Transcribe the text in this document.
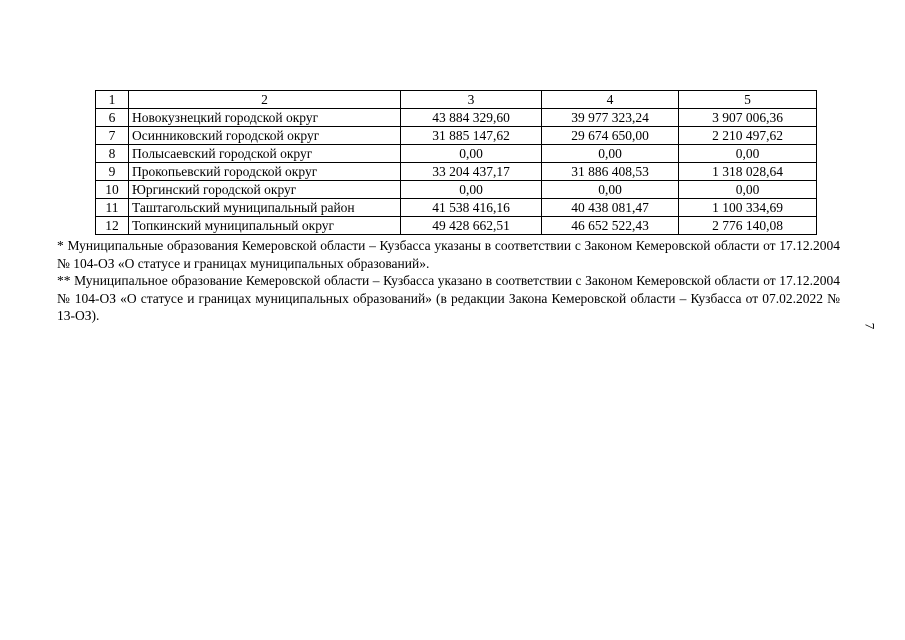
1	2	3	4	5
6	Новокузнецкий городской округ	43 884 329,60	39 977 323,24	3 907 006,36
7	Осинниковский городской округ	31 885 147,62	29 674 650,00	2 210 497,62
8	Полысаевский городской округ	0,00	0,00	0,00
9	Прокопьевский городской округ	33 204 437,17	31 886 408,53	1 318 028,64
10	Юргинский городской округ	0,00	0,00	0,00
11	Таштагольский муниципальный район	41 538 416,16	40 438 081,47	1 100 334,69
12	Топкинский муниципальный округ	49 428 662,51	46 652 522,43	2 776 140,08

* Муниципальные образования Кемеровской области – Кузбасса указаны в соответствии с Законом Кемеровской области от 17.12.2004 № 104-ОЗ «О статусе и границах муниципальных образований».

** Муниципальное образование Кемеровской области – Кузбасса указано в соответствии с Законом Кемеровской области от 17.12.2004 № 104-ОЗ «О статусе и границах муниципальных образований» (в редакции Закона Кемеровской области – Кузбасса от 07.02.2022 № 13-ОЗ).

7
